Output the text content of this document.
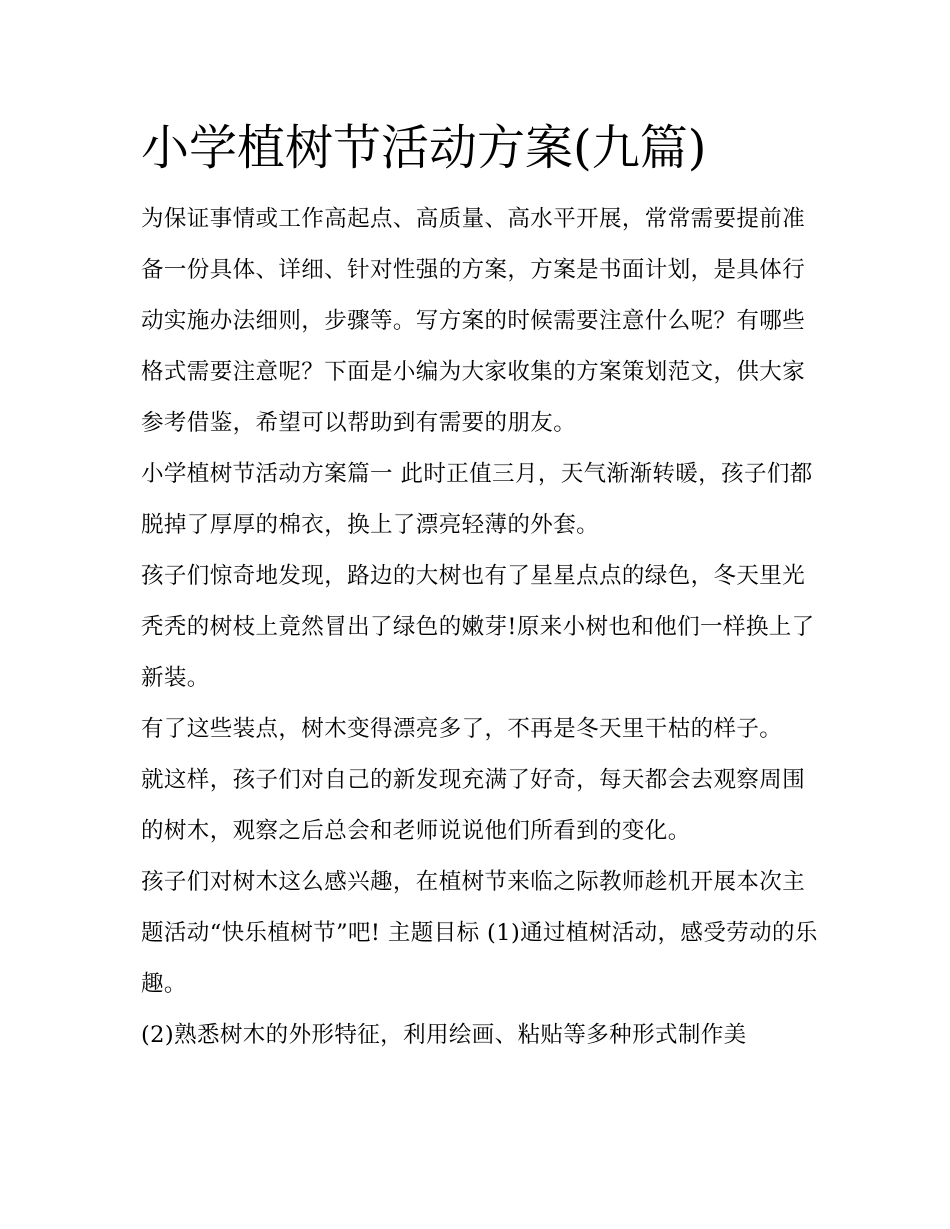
小学植树节活动方案(九篇)

为保证事情或工作高起点、高质量、高水平开展，常常需要提前准备一份具体、详细、针对性强的方案，方案是书面计划，是具体行动实施办法细则，步骤等。写方案的时候需要注意什么呢？有哪些格式需要注意呢？下面是小编为大家收集的方案策划范文，供大家参考借鉴，希望可以帮助到有需要的朋友。

小学植树节活动方案篇一 此时正值三月，天气渐渐转暖，孩子们都脱掉了厚厚的棉衣，换上了漂亮轻薄的外套。

孩子们惊奇地发现，路边的大树也有了星星点点的绿色，冬天里光秃秃的树枝上竟然冒出了绿色的嫩芽!原来小树也和他们一样换上了新装。

有了这些装点，树木变得漂亮多了，不再是冬天里干枯的样子。

就这样，孩子们对自己的新发现充满了好奇，每天都会去观察周围的树木，观察之后总会和老师说说他们所看到的变化。

孩子们对树木这么感兴趣，在植树节来临之际教师趁机开展本次主题活动“快乐植树节”吧! 主题目标 (1)通过植树活动，感受劳动的乐趣。

(2)熟悉树木的外形特征，利用绘画、粘贴等多种形式制作美
